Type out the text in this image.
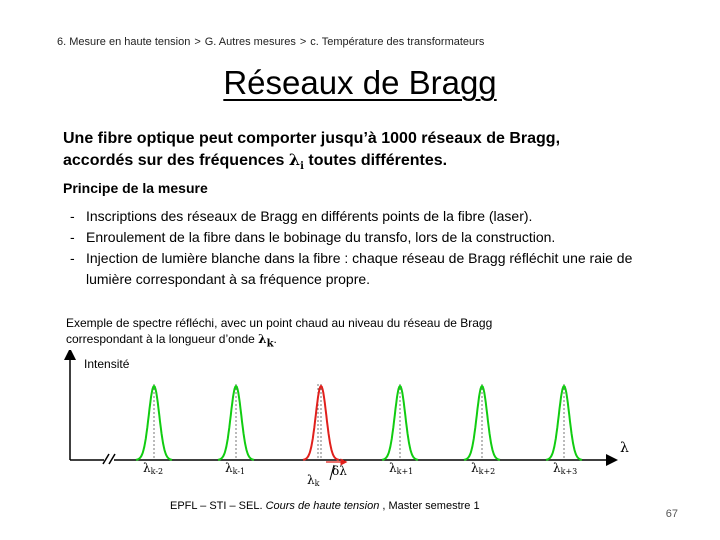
6. Mesure en haute tension > G. Autres mesures > c. Température des transformateurs
Réseaux de Bragg
Une fibre optique peut comporter jusqu’à 1000 réseaux de Bragg,
accordés sur des fréquences $\lambda_i$ toutes différentes.
Principe de la mesure
- Inscriptions des réseaux de Bragg en différents points de la fibre (laser).
- Enroulement de la fibre dans le bobinage du transfo, lors de la construction.
- Injection de lumière blanche dans la fibre : chaque réseau de Bragg réfléchit une raie de lumière correspondant à sa fréquence propre.
Exemple de spectre réfléchi, avec un point chaud au niveau du réseau de Bragg
correspondant à la longueur d’onde $\lambda_k$.
Intensité
λ
λk-2	λk-1
λk
δλ	λk+1	λk+2	λk+3
EPFL – STI – SEL. Cours de haute tension , Master semestre 1
67
